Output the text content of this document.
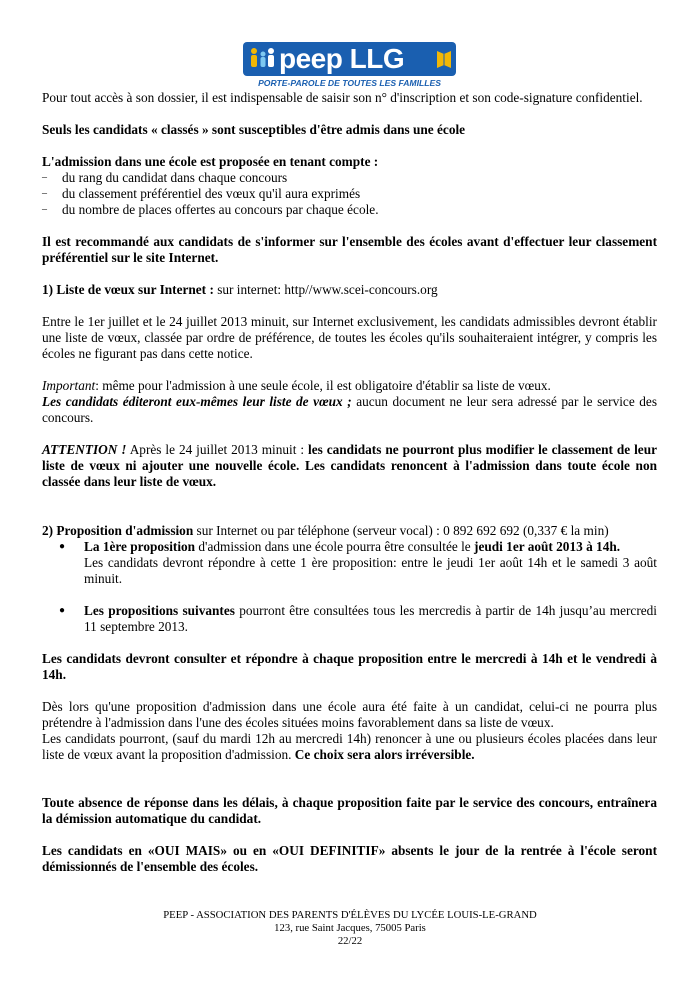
peep LLG
PORTE-PAROLE DE TOUTES LES FAMILLES

Pour tout accès à son dossier, il est indispensable de saisir son n° d'inscription et son code-signature confidentiel.

Seuls les candidats « classés » sont susceptibles d'être admis dans une école

L'admission dans une école est proposée en tenant compte :

– du rang du candidat dans chaque concours
– du classement préférentiel des vœux qu'il aura exprimés
– du nombre de places offertes au concours par chaque école.

Il est recommandé aux candidats de s'informer sur l'ensemble des écoles avant d'effectuer leur classement préférentiel sur le site Internet.

1) Liste de vœux sur Internet : sur internet: http//www.scei-concours.org

Entre le 1er juillet et le 24 juillet 2013 minuit, sur Internet exclusivement, les candidats admissibles devront établir une liste de vœux, classée par ordre de préférence, de toutes les écoles qu'ils souhaiteraient intégrer, y compris les écoles ne figurant pas dans cette notice.

Important: même pour l'admission à une seule école, il est obligatoire d'établir sa liste de vœux.
Les candidats éditeront eux-mêmes leur liste de vœux ; aucun document ne leur sera adressé par le service des concours.

ATTENTION ! Après le 24 juillet 2013 minuit : les candidats ne pourront plus modifier le classement de leur liste de vœux ni ajouter une nouvelle école. Les candidats renoncent à l'admission dans toute école non classée dans leur liste de vœux.

2) Proposition d'admission sur Internet ou par téléphone (serveur vocal) : 0 892 692 692 (0,337 € la min)

● La 1ère proposition d'admission dans une école pourra être consultée le jeudi 1er août 2013 à 14h.
Les candidats devront répondre à cette 1 ère proposition: entre le jeudi 1er août 14h et le samedi 3 août minuit.
● Les propositions suivantes pourront être consultées tous les mercredis à partir de 14h jusqu’au mercredi 11 septembre 2013.

Les candidats devront consulter et répondre à chaque proposition entre le mercredi à 14h et le vendredi à 14h.

Dès lors qu'une proposition d'admission dans une école aura été faite à un candidat, celui-ci ne pourra plus prétendre à l'admission dans l'une des écoles situées moins favorablement dans sa liste de vœux.
Les candidats pourront, (sauf du mardi 12h au mercredi 14h) renoncer à une ou plusieurs écoles placées dans leur liste de vœux avant la proposition d'admission. Ce choix sera alors irréversible.

Toute absence de réponse dans les délais, à chaque proposition faite par le service des concours, entraînera la démission automatique du candidat.

Les candidats en «OUI MAIS» ou en «OUI DEFINITIF» absents le jour de la rentrée à l'école seront démissionnés de l'ensemble des écoles.

PEEP - ASSOCIATION DES PARENTS D'ÉLÈVES DU LYCÉE LOUIS-LE-GRAND
123, rue Saint Jacques, 75005 Paris
22/22
